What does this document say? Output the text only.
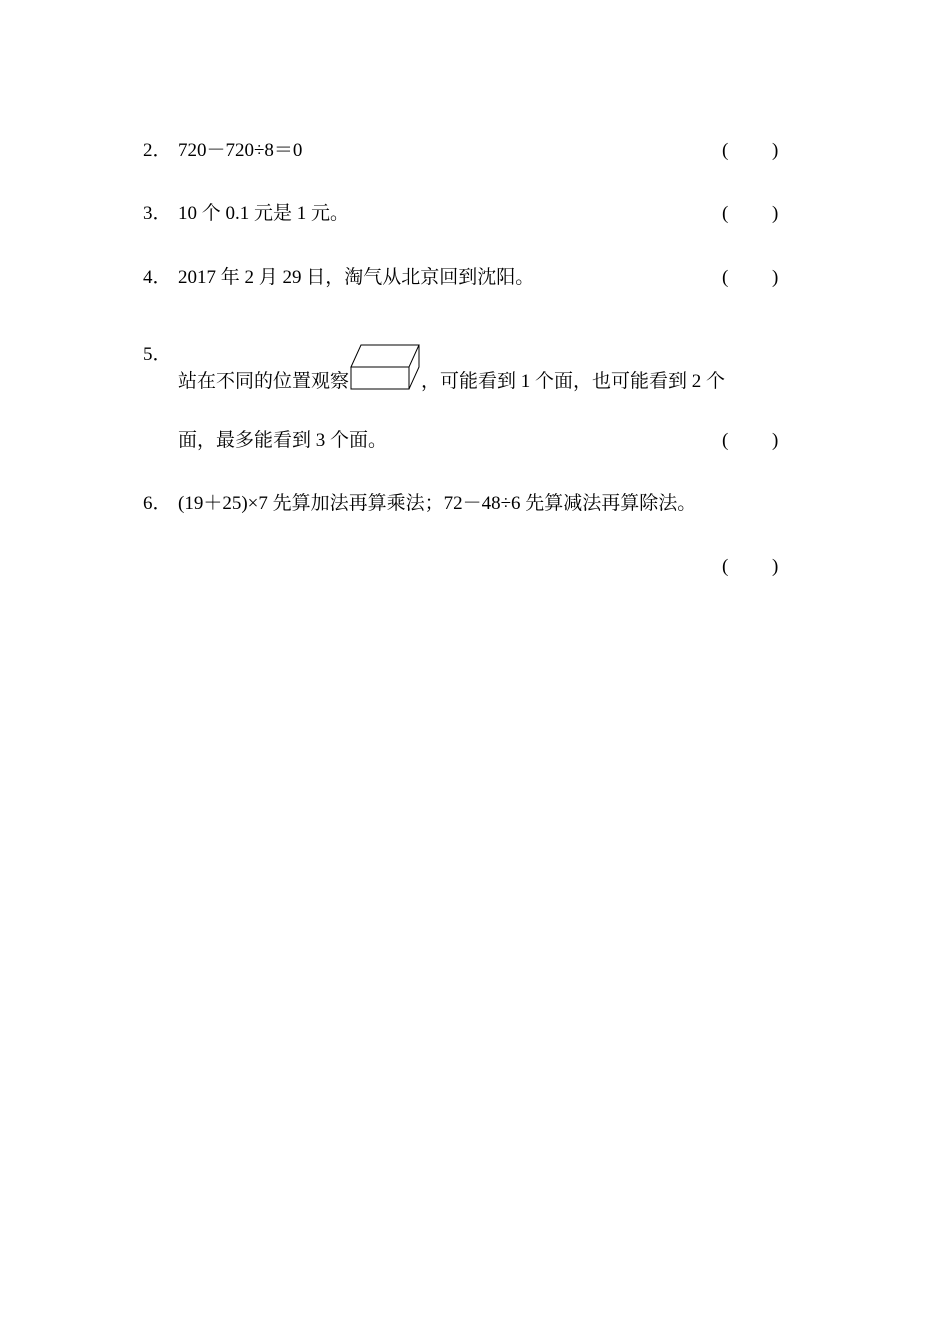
2． 720－720÷8＝0	( )
3． 10 个 0.1 元是 1 元。	( )
4． 2017 年 2 月 29 日，淘气从北京回到沈阳。	( )
5．
站在不同的位置观察	，可能看到 1 个面，也可能看到 2 个
面，最多能看到 3 个面。	( )
6． (19＋25)×7 先算加法再算乘法；72－48÷6 先算减法再算除法。
( )
